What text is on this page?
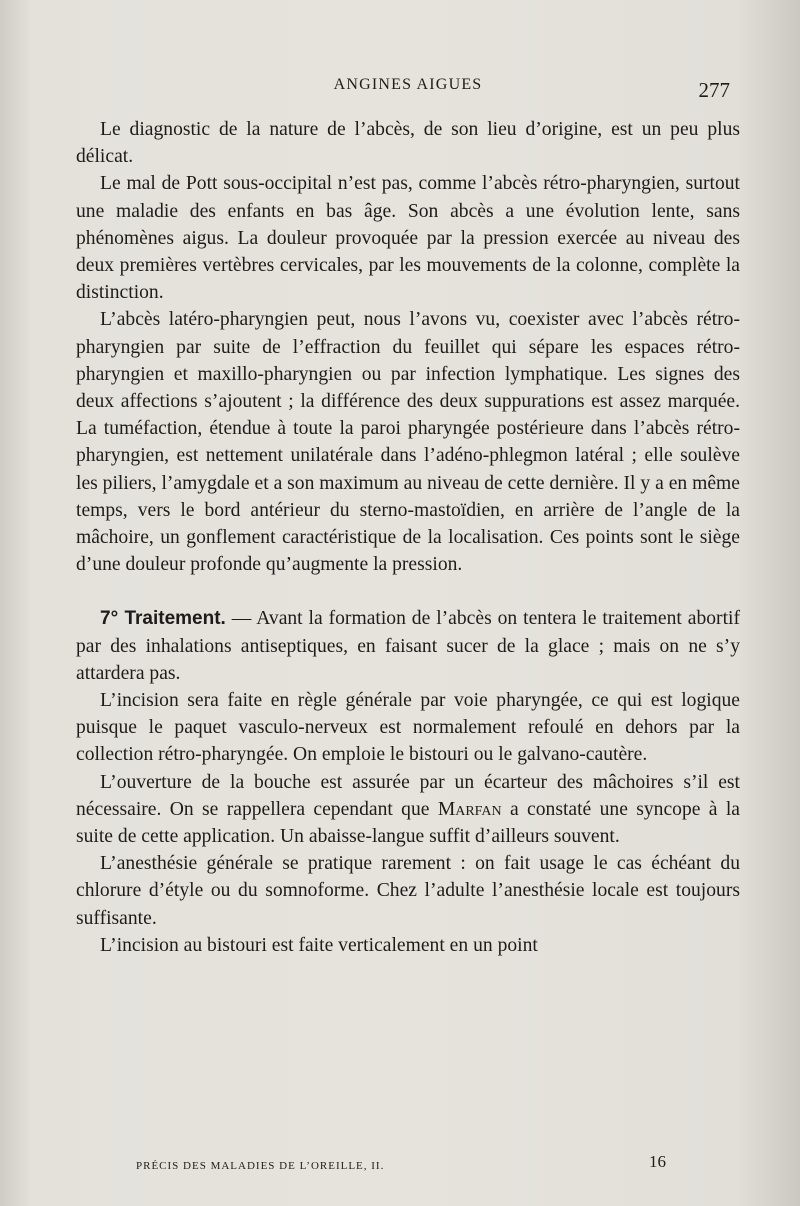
ANGINES AIGUES	277

Le diagnostic de la nature de l’abcès, de son lieu d’origine, est un peu plus délicat.

Le mal de Pott sous-occipital n’est pas, comme l’abcès rétro-pharyngien, surtout une maladie des enfants en bas âge. Son abcès a une évolution lente, sans phénomènes aigus. La douleur provoquée par la pression exercée au niveau des deux premières vertèbres cervicales, par les mouvements de la colonne, complète la distinction.

L’abcès latéro-pharyngien peut, nous l’avons vu, coexister avec l’abcès rétro-pharyngien par suite de l’effraction du feuillet qui sépare les espaces rétro-pharyngien et maxillo-pharyngien ou par infection lymphatique. Les signes des deux affections s’ajoutent ; la différence des deux suppurations est assez marquée. La tuméfaction, étendue à toute la paroi pharyngée postérieure dans l’abcès rétro-pharyngien, est nettement unilatérale dans l’adéno-phlegmon latéral ; elle soulève les piliers, l’amygdale et a son maximum au niveau de cette dernière. Il y a en même temps, vers le bord antérieur du sterno-mastoïdien, en arrière de l’angle de la mâchoire, un gonflement caractéristique de la localisation. Ces points sont le siège d’une douleur profonde qu’augmente la pression.

7° Traitement. — Avant la formation de l’abcès on tentera le traitement abortif par des inhalations antiseptiques, en faisant sucer de la glace ; mais on ne s’y attardera pas.

L’incision sera faite en règle générale par voie pharyngée, ce qui est logique puisque le paquet vasculo-nerveux est normalement refoulé en dehors par la collection rétro-pharyngée. On emploie le bistouri ou le galvano-cautère.

L’ouverture de la bouche est assurée par un écarteur des mâchoires s’il est nécessaire. On se rappellera cependant que Marfan a constaté une syncope à la suite de cette application. Un abaisse-langue suffit d’ailleurs souvent.

L’anesthésie générale se pratique rarement : on fait usage le cas échéant du chlorure d’étyle ou du somnoforme. Chez l’adulte l’anesthésie locale est toujours suffisante.

L’incision au bistouri est faite verticalement en un point

PRÉCIS DES MALADIES DE L’OREILLE, II.	16
